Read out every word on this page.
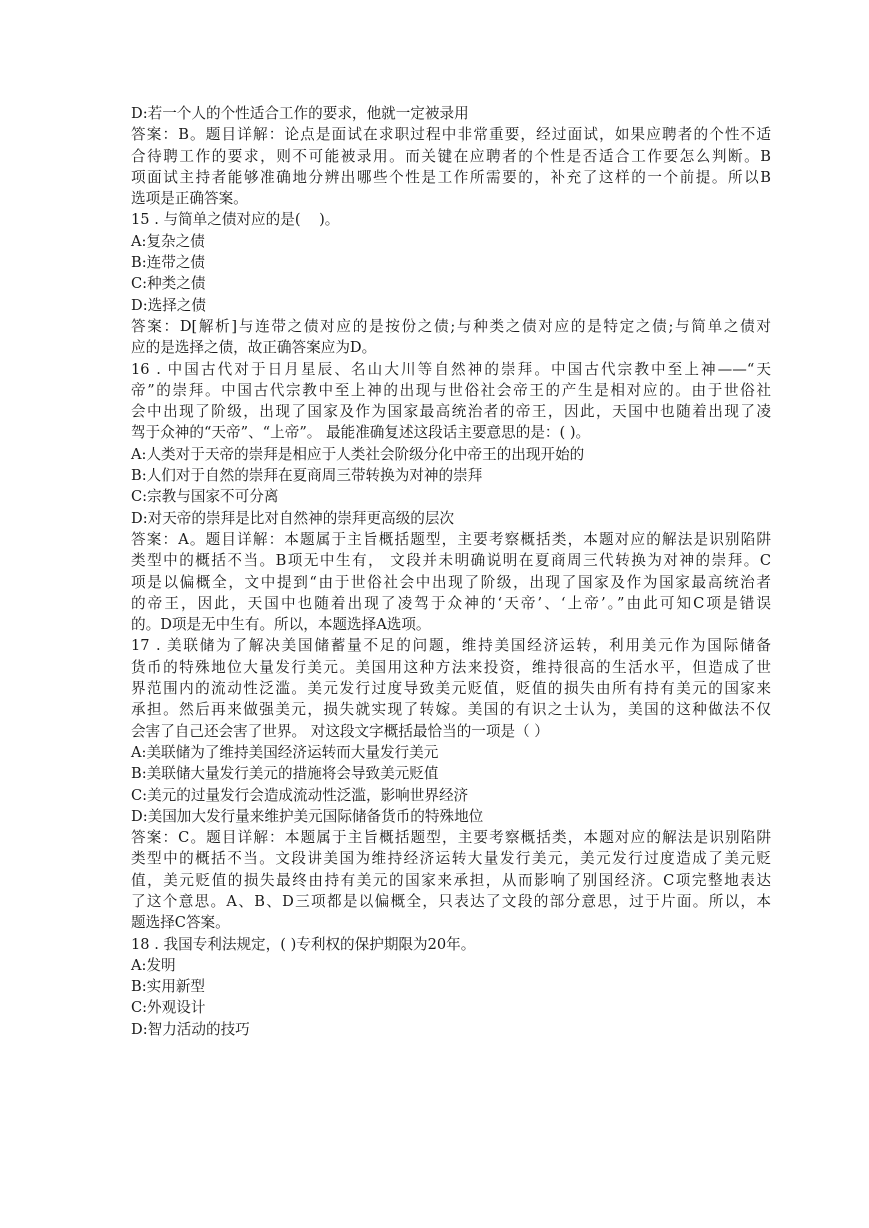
D:若一个人的个性适合工作的要求，他就一定被录用
答案：B。题目详解：论点是面试在求职过程中非常重要，经过面试，如果应聘者的个性不适
合待聘工作的要求，则不可能被录用。而关键在应聘者的个性是否适合工作要怎么判断。B
项面试主持者能够准确地分辨出哪些个性是工作所需要的，补充了这样的一个前提。所以B
选项是正确答案。
15 . 与简单之债对应的是(    )。
A:复杂之债
B:连带之债
C:种类之债
D:选择之债
答案：D[解析]与连带之债对应的是按份之债;与种类之债对应的是特定之债;与简单之债对
应的是选择之债，故正确答案应为D。
16 . 中国古代对于日月星辰、名山大川等自然神的崇拜。中国古代宗教中至上神——“天
帝”的崇拜。中国古代宗教中至上神的出现与世俗社会帝王的产生是相对应的。由于世俗社
会中出现了阶级，出现了国家及作为国家最高统治者的帝王，因此，天国中也随着出现了凌
驾于众神的“天帝”、“上帝”。 最能准确复述这段话主要意思的是：( )。
A:人类对于天帝的崇拜是相应于人类社会阶级分化中帝王的出现开始的
B:人们对于自然的崇拜在夏商周三带转换为对神的崇拜
C:宗教与国家不可分离
D:对天帝的崇拜是比对自然神的崇拜更高级的层次
答案：A。题目详解：本题属于主旨概括题型，主要考察概括类，本题对应的解法是识别陷阱
类型中的概括不当。B项无中生有， 文段并未明确说明在夏商周三代转换为对神的崇拜。C
项是以偏概全，文中提到“由于世俗社会中出现了阶级，出现了国家及作为国家最高统治者
的帝王，因此，天国中也随着出现了凌驾于众神的‘天帝’、‘上帝’。”由此可知C项是错误
的。D项是无中生有。所以，本题选择A选项。
17 . 美联储为了解决美国储蓄量不足的问题，维持美国经济运转，利用美元作为国际储备
货币的特殊地位大量发行美元。美国用这种方法来投资，维持很高的生活水平，但造成了世
界范围内的流动性泛滥。美元发行过度导致美元贬值，贬值的损失由所有持有美元的国家来
承担。然后再来做强美元，损失就实现了转嫁。美国的有识之士认为，美国的这种做法不仅
会害了自己还会害了世界。 对这段文字概括最恰当的一项是（ ）
A:美联储为了维持美国经济运转而大量发行美元
B:美联储大量发行美元的措施将会导致美元贬值
C:美元的过量发行会造成流动性泛滥，影响世界经济
D:美国加大发行量来维护美元国际储备货币的特殊地位
答案：C。题目详解：本题属于主旨概括题型，主要考察概括类，本题对应的解法是识别陷阱
类型中的概括不当。文段讲美国为维持经济运转大量发行美元，美元发行过度造成了美元贬
值，美元贬值的损失最终由持有美元的国家来承担，从而影响了别国经济。C项完整地表达
了这个意思。A、B、D三项都是以偏概全，只表达了文段的部分意思，过于片面。所以，本
题选择C答案。
18 . 我国专利法规定，( )专利权的保护期限为20年。
A:发明
B:实用新型
C:外观设计
D:智力活动的技巧
